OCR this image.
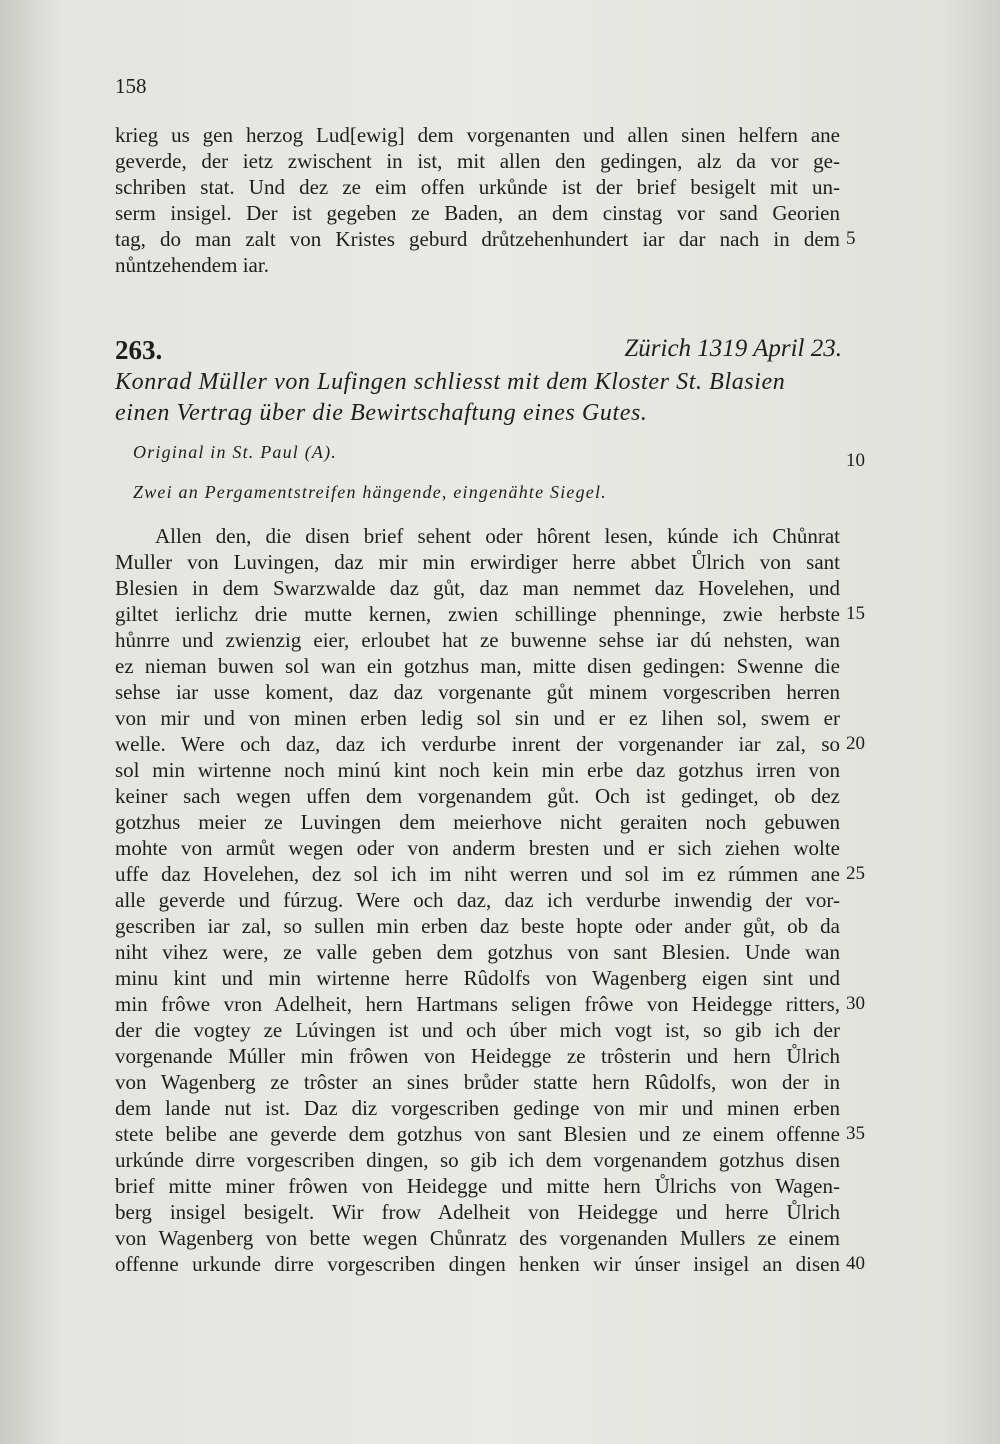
158
krieg us gen herzog Lud[ewig] dem vorgenanten und allen sinen helfern ane
geverde, der ietz zwischent in ist, mit allen den gedingen, alz da vor ge-
schriben stat. Und dez ze eim offen urkůnde ist der brief besigelt mit un-
serm insigel. Der ist gegeben ze Baden, an dem cinstag vor sand Georien
tag, do man zalt von Kristes geburd drůtzehenhundert iar dar nach in dem
nůntzehendem iar.
5
263.	Zürich 1319 April 23.
Konrad Müller von Lufingen schliesst mit dem Kloster St. Blasien
einen Vertrag über die Bewirtschaftung eines Gutes.
Original in St. Paul (A).	10
Zwei an Pergamentstreifen hängende, eingenähte Siegel.
Allen den, die disen brief sehent oder hôrent lesen, kúnde ich Chůnrat
Muller von Luvingen, daz mir min erwirdiger herre abbet Ůlrich von sant
Blesien in dem Swarzwalde daz gůt, daz man nemmet daz Hovelehen, und
giltet ierlichz drie mutte kernen, zwien schillinge phenninge, zwie herbste
hůnrre und zwienzig eier, erloubet hat ze buwenne sehse iar dú nehsten, wan
ez nieman buwen sol wan ein gotzhus man, mitte disen gedingen: Swenne die
sehse iar usse koment, daz daz vorgenante gůt minem vorgescriben herren
von mir und von minen erben ledig sol sin und er ez lihen sol, swem er
welle. Were och daz, daz ich verdurbe inrent der vorgenander iar zal, so
sol min wirtenne noch minú kint noch kein min erbe daz gotzhus irren von
keiner sach wegen uffen dem vorgenandem gůt. Och ist gedinget, ob dez
gotzhus meier ze Luvingen dem meierhove nicht geraiten noch gebuwen
mohte von armůt wegen oder von anderm bresten und er sich ziehen wolte
uffe daz Hovelehen, dez sol ich im niht werren und sol im ez rúmmen ane
alle geverde und fúrzug. Were och daz, daz ich verdurbe inwendig der vor-
gescriben iar zal, so sullen min erben daz beste hopte oder ander gůt, ob da
niht vihez were, ze valle geben dem gotzhus von sant Blesien. Unde wan
minu kint und min wirtenne herre Rûdolfs von Wagenberg eigen sint und
min frôwe vron Adelheit, hern Hartmans seligen frôwe von Heidegge ritters,
der die vogtey ze Lúvingen ist und och úber mich vogt ist, so gib ich der
vorgenande Múller min frôwen von Heidegge ze trôsterin und hern Ůlrich
von Wagenberg ze trôster an sines brůder statte hern Rûdolfs, won der in
dem lande nut ist. Daz diz vorgescriben gedinge von mir und minen erben
stete belibe ane geverde dem gotzhus von sant Blesien und ze einem offenne
urkúnde dirre vorgescriben dingen, so gib ich dem vorgenandem gotzhus disen
brief mitte miner frôwen von Heidegge und mitte hern Ůlrichs von Wagen-
berg insigel besigelt. Wir frow Adelheit von Heidegge und herre Ůlrich
von Wagenberg von bette wegen Chůnratz des vorgenanden Mullers ze einem
offenne urkunde dirre vorgescriben dingen henken wir únser insigel an disen
15
20
25
30
35
40
